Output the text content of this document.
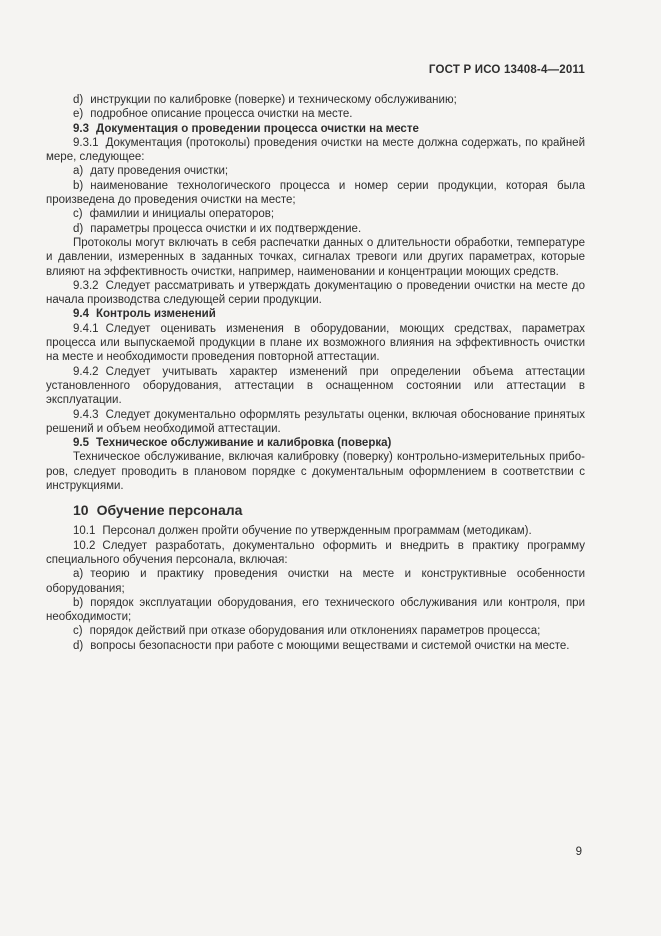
ГОСТ Р ИСО 13408-4—2011

d) инструкции по калибровке (поверке) и техническому обслуживанию;

e) подробное описание процесса очистки на месте.

9.3 Документация о проведении процесса очистки на месте

9.3.1 Документация (протоколы) проведения очистки на месте должна содержать, по крайней мере, следующее:

a) дату проведения очистки;

b) наименование технологического процесса и номер серии продукции, которая была произведена до проведения очистки на месте;

c) фамилии и инициалы операторов;

d) параметры процесса очистки и их подтверждение.

Протоколы могут включать в себя распечатки данных о длительности обработки, температуре и давлении, измеренных в заданных точках, сигналах тревоги или других параметрах, которые влияют на эффективность очистки, например, наименовании и концентрации моющих средств.

9.3.2 Следует рассматривать и утверждать документацию о проведении очистки на месте до начала производства следующей серии продукции.

9.4 Контроль изменений

9.4.1 Следует оценивать изменения в оборудовании, моющих средствах, параметрах процесса или выпускаемой продукции в плане их возможного влияния на эффективность очистки на месте и необходимости проведения повторной аттестации.

9.4.2 Следует учитывать характер изменений при определении объема аттестации установленного оборудования, аттестации в оснащенном состоянии или аттестации в эксплуатации.

9.4.3 Следует документально оформлять результаты оценки, включая обоснование принятых решений и объем необходимой аттестации.

9.5 Техническое обслуживание и калибровка (поверка)

Техническое обслуживание, включая калибровку (поверку) контрольно-измерительных приборов, следует проводить в плановом порядке с документальным оформлением в соответствии с инструкциями.

10 Обучение персонала

10.1 Персонал должен пройти обучение по утвержденным программам (методикам).

10.2 Следует разработать, документально оформить и внедрить в практику программу специального обучения персонала, включая:

a) теорию и практику проведения очистки на месте и конструктивные особенности оборудования;

b) порядок эксплуатации оборудования, его технического обслуживания или контроля, при необходимости;

c) порядок действий при отказе оборудования или отклонениях параметров процесса;

d) вопросы безопасности при работе с моющими веществами и системой очистки на месте.

9
